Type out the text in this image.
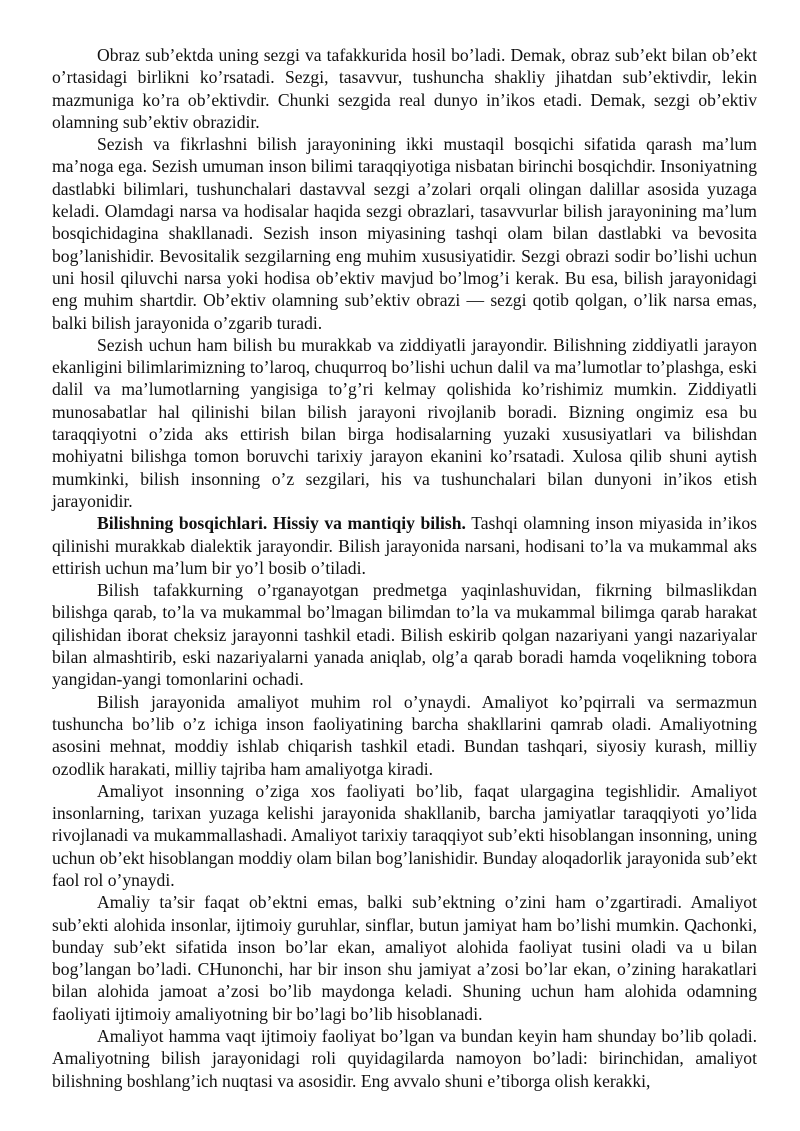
Obraz sub’ektda uning sezgi va tafakkurida hosil bo’ladi. Demak, obraz sub’ekt bilan ob’ekt o’rtasidagi birlikni ko’rsatadi. Sezgi, tasavvur, tushuncha shakliy jihatdan sub’ektivdir, lekin mazmuniga ko’ra ob’ektivdir. Chunki sezgida real dunyo in’ikos etadi. Demak, sezgi ob’ektiv olamning sub’ektiv obrazidir.

Sezish va fikrlashni bilish jarayonining ikki mustaqil bosqichi sifatida qarash ma’lum ma’noga ega. Sezish umuman inson bilimi taraqqiyotiga nisbatan birinchi bosqichdir. Insoniyatning dastlabki bilimlari, tushunchalari dastavval sezgi a’zolari orqali olingan dalillar asosida yuzaga keladi. Olamdagi narsa va hodisalar haqida sezgi obrazlari, tasavvurlar bilish jarayonining ma’lum bosqichidagina shakllanadi. Sezish inson miyasining tashqi olam bilan dastlabki va bevosita bog’lanishidir. Bevositalik sezgilarning eng muhim xususiyatidir. Sezgi obrazi sodir bo’lishi uchun uni hosil qiluvchi narsa yoki hodisa ob’ektiv mavjud bo’lmog’i kerak. Bu esa, bilish jarayonidagi eng muhim shartdir. Ob’ektiv olamning sub’ektiv obrazi — sezgi qotib qolgan, o’lik narsa emas, balki bilish jarayonida o’zgarib turadi.

Sezish uchun ham bilish bu murakkab va ziddiyatli jarayondir. Bilishning ziddiyatli jarayon ekanligini bilimlarimizning to’laroq, chuqurroq bo’lishi uchun dalil va ma’lumotlar to’plashga, eski dalil va ma’lumotlarning yangisiga to’g’ri kelmay qolishida ko’rishimiz mumkin. Ziddiyatli munosabatlar hal qilinishi bilan bilish jarayoni rivojlanib boradi. Bizning ongimiz esa bu taraqqiyotni o’zida aks ettirish bilan birga hodisalarning yuzaki xususiyatlari va bilishdan mohiyatni bilishga tomon boruvchi tarixiy jarayon ekanini ko’rsatadi. Xulosa qilib shuni aytish mumkinki, bilish insonning o’z sezgilari, his va tushunchalari bilan dunyoni in’ikos etish jarayonidir.

Bilishning bosqichlari. Hissiy va mantiqiy bilish. Tashqi olamning inson miyasida in’ikos qilinishi murakkab dialektik jarayondir. Bilish jarayonida narsani, hodisani to’la va mukammal aks ettirish uchun ma’lum bir yo’l bosib o’tiladi.

Bilish tafakkurning o’rganayotgan predmetga yaqinlashuvidan, fikrning bilmaslikdan bilishga qarab, to’la va mukammal bo’lmagan bilimdan to’la va mukammal bilimga qarab harakat qilishidan iborat cheksiz jarayonni tashkil etadi. Bilish eskirib qolgan nazariyani yangi nazariyalar bilan almashtirib, eski nazariyalarni yanada aniqlab, olg’a qarab boradi hamda voqelikning tobora yangidan-yangi tomonlarini ochadi.

Bilish jarayonida amaliyot muhim rol o’ynaydi. Amaliyot ko’pqirrali va sermazmun tushuncha bo’lib o’z ichiga inson faoliyatining barcha shakllarini qamrab oladi. Amaliyotning asosini mehnat, moddiy ishlab chiqarish tashkil etadi. Bundan tashqari, siyosiy kurash, milliy ozodlik harakati, milliy tajriba ham amaliyotga kiradi.

Amaliyot insonning o’ziga xos faoliyati bo’lib, faqat ulargagina tegishlidir. Amaliyot insonlarning, tarixan yuzaga kelishi jarayonida shakllanib, barcha jamiyatlar taraqqiyoti yo’lida rivojlanadi va mukammallashadi. Amaliyot tarixiy taraqqiyot sub’ekti hisoblangan insonning, uning uchun ob’ekt hisoblangan moddiy olam bilan bog’lanishidir. Bunday aloqadorlik jarayonida sub’ekt faol rol o’ynaydi.

Amaliy ta’sir faqat ob’ektni emas, balki sub’ektning o’zini ham o’zgartiradi. Amaliyot sub’ekti alohida insonlar, ijtimoiy guruhlar, sinflar, butun jamiyat ham bo’lishi mumkin. Qachonki, bunday sub’ekt sifatida inson bo’lar ekan, amaliyot alohida faoliyat tusini oladi va u bilan bog’langan bo’ladi. CHunonchi, har bir inson shu jamiyat a’zosi bo’lar ekan, o’zining harakatlari bilan alohida jamoat a’zosi bo’lib maydonga keladi. Shuning uchun ham alohida odamning faoliyati ijtimoiy amaliyotning bir bo’lagi bo’lib hisoblanadi.

Amaliyot hamma vaqt ijtimoiy faoliyat bo’lgan va bundan keyin ham shunday bo’lib qoladi. Amaliyotning bilish jarayonidagi roli quyidagilarda namoyon bo’ladi: birinchidan, amaliyot bilishning boshlang’ich nuqtasi va asosidir. Eng avvalo shuni e’tiborga olish kerakki,
